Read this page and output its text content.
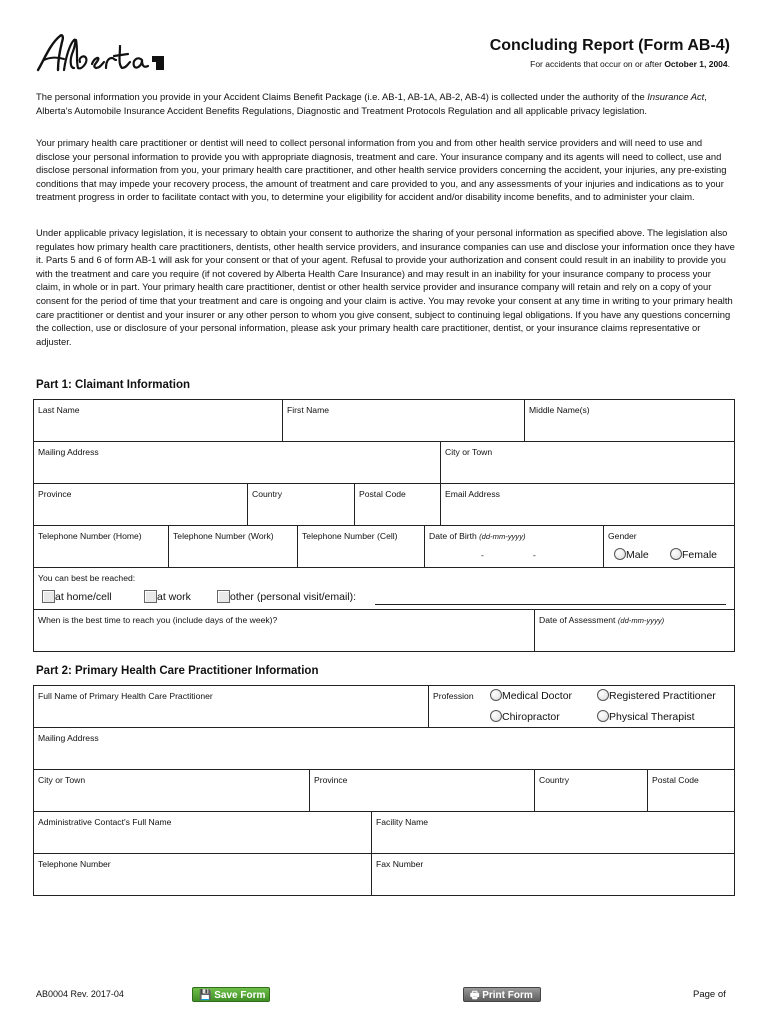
Concluding Report (Form AB-4)
For accidents that occur on or after October 1, 2004.
The personal information you provide in your Accident Claims Benefit Package (i.e. AB-1, AB-1A, AB-2, AB-4) is collected under the authority of the Insurance Act, Alberta's Automobile Insurance Accident Benefits Regulations, Diagnostic and Treatment Protocols Regulation and all applicable privacy legislation.
Your primary health care practitioner or dentist will need to collect personal information from you and from other health service providers and will need to use and disclose your personal information to provide you with appropriate diagnosis, treatment and care. Your insurance company and its agents will need to collect, use and disclose personal information from you, your primary health care practitioner, and other health service providers concerning the accident, your injuries, any pre-existing conditions that may impede your recovery process, the amount of treatment and care provided to you, and any assessments of your injuries and indications as to your treatment progress in order to facilitate contact with you, to determine your eligibility for accident and/or disability income benefits, and to administer your claim.
Under applicable privacy legislation, it is necessary to obtain your consent to authorize the sharing of your personal information as specified above. The legislation also regulates how primary health care practitioners, dentists, other health service providers, and insurance companies can use and disclose your information once they have it. Parts 5 and 6 of form AB-1 will ask for your consent or that of your agent. Refusal to provide your authorization and consent could result in an inability to provide you with the treatment and care you require (if not covered by Alberta Health Care Insurance) and may result in an inability for your insurance company to process your claim, in whole or in part. Your primary health care practitioner, dentist or other health service provider and insurance company will retain and rely on a copy of your consent for the period of time that your treatment and care is ongoing and your claim is active. You may revoke your consent at any time in writing to your primary health care practitioner or dentist and your insurer or any other person to whom you give consent, subject to continuing legal obligations. If you have any questions concerning the collection, use or disclosure of your personal information, please ask your primary health care practitioner, dentist, or your insurance claims representative or adjuster.
Part 1: Claimant Information
Last Name	First Name	Middle Name(s)
Mailing Address	City or Town
Province	Country	Postal Code	Email Address
Telephone Number (Home)	Telephone Number (Work)	Telephone Number (Cell)	Date of Birth (dd-mm-yyyy)
-	-
Gender
Male	Female
You can best be reached:
at home/cell	at work	other (personal visit/email):
When is the best time to reach you (include days of the week)?	Date of Assessment (dd-mm-yyyy)
Part 2: Primary Health Care Practitioner Information
Full Name of Primary Health Care Practitioner	Profession	Medical Doctor	Registered Practitioner
Chiropractor	Physical Therapist
Mailing Address
City or Town	Province	Country	Postal Code
Administrative Contact's Full Name	Facility Name
Telephone Number	Fax Number
AB0004 Rev. 2017-04	💾 Save Form	🖶 Print Form	Page of
